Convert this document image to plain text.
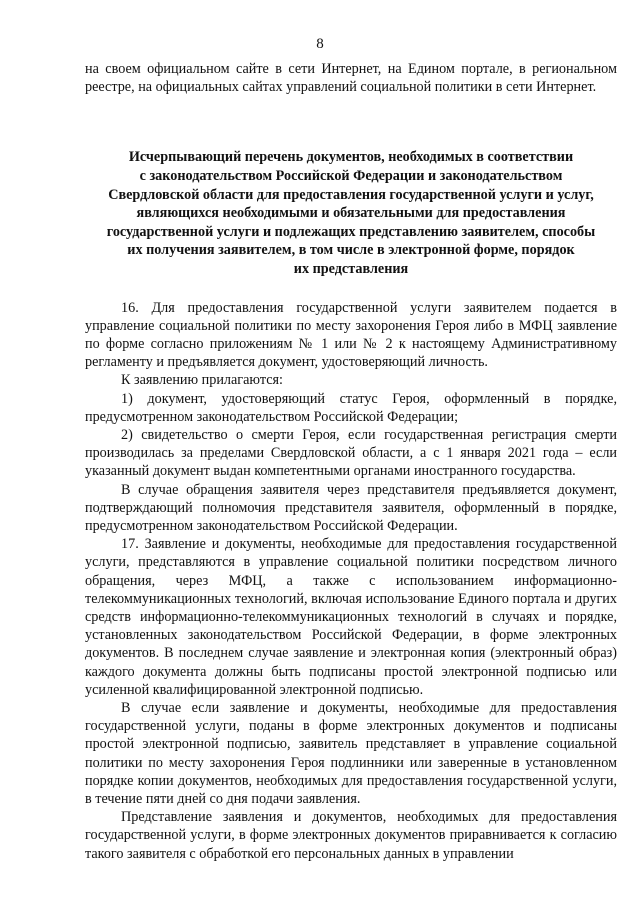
8

на своем официальном сайте в сети Интернет, на Едином портале, в региональном реестре, на официальных сайтах управлений социальной политики в сети Интернет.

Исчерпывающий перечень документов, необходимых в соответствии
с законодательством Российской Федерации и законодательством
Свердловской области для предоставления государственной услуги и услуг,
являющихся необходимыми и обязательными для предоставления
государственной услуги и подлежащих представлению заявителем, способы
их получения заявителем, в том числе в электронной форме, порядок
их представления

16. Для предоставления государственной услуги заявителем подается в управление социальной политики по месту захоронения Героя либо в МФЦ заявление по форме согласно приложениям № 1 или № 2 к настоящему Административному регламенту и предъявляется документ, удостоверяющий личность.

К заявлению прилагаются:

1) документ, удостоверяющий статус Героя, оформленный в порядке, предусмотренном законодательством Российской Федерации;

2) свидетельство о смерти Героя, если государственная регистрация смерти производилась за пределами Свердловской области, а с 1 января 2021 года – если указанный документ выдан компетентными органами иностранного государства.

В случае обращения заявителя через представителя предъявляется документ, подтверждающий полномочия представителя заявителя, оформленный в порядке, предусмотренном законодательством Российской Федерации.

17. Заявление и документы, необходимые для предоставления государственной услуги, представляются в управление социальной политики посредством личного обращения, через МФЦ, а также с использованием информационно-телекоммуникационных технологий, включая использование Единого портала и других средств информационно-телекоммуникационных технологий в случаях и порядке, установленных законодательством Российской Федерации, в форме электронных документов. В последнем случае заявление и электронная копия (электронный образ) каждого документа должны быть подписаны простой электронной подписью или усиленной квалифицированной электронной подписью.

В случае если заявление и документы, необходимые для предоставления государственной услуги, поданы в форме электронных документов и подписаны простой электронной подписью, заявитель представляет в управление социальной политики по месту захоронения Героя подлинники или заверенные в установленном порядке копии документов, необходимых для предоставления государственной услуги, в течение пяти дней со дня подачи заявления.

Представление заявления и документов, необходимых для предоставления государственной услуги, в форме электронных документов приравнивается к согласию такого заявителя с обработкой его персональных данных в управлении
